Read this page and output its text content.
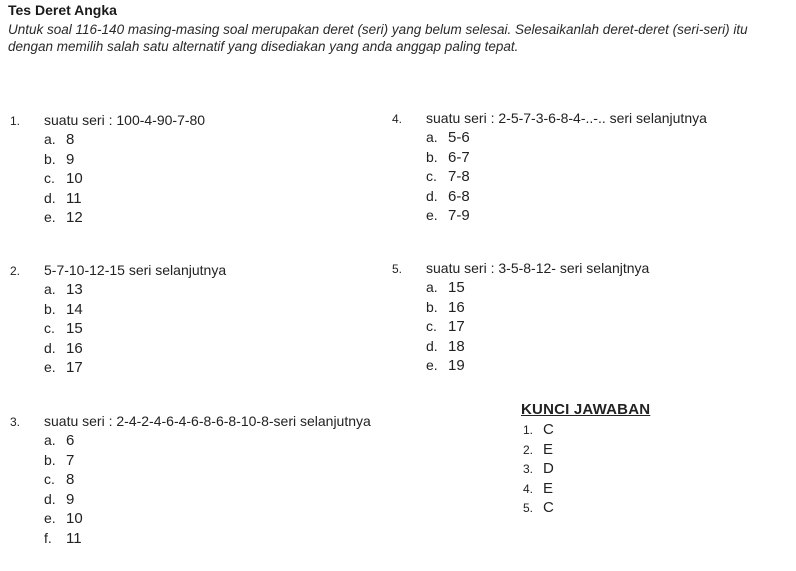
Tes Deret Angka
Untuk soal 116-140 masing-masing soal merupakan deret (seri) yang belum selesai. Selesaikanlah deret-deret (seri-seri) itu dengan memilih salah satu alternatif yang disediakan yang anda anggap paling tepat.
1. suatu seri : 100-4-90-7-80
a. 8
b. 9
c. 10
d. 11
e. 12
2. 5-7-10-12-15 seri selanjutnya
a. 13
b. 14
c. 15
d. 16
e. 17
3. suatu seri : 2-4-2-4-6-4-6-8-6-8-10-8-seri selanjutnya
a. 6
b. 7
c. 8
d. 9
e. 10
f. 11
4. suatu seri : 2-5-7-3-6-8-4-..-.. seri selanjutnya
a. 5-6
b. 6-7
c. 7-8
d. 6-8
e. 7-9
5. suatu seri : 3-5-8-12- seri selanjtnya
a. 15
b. 16
c. 17
d. 18
e. 19
KUNCI JAWABAN
1. C
2. E
3. D
4. E
5. C
